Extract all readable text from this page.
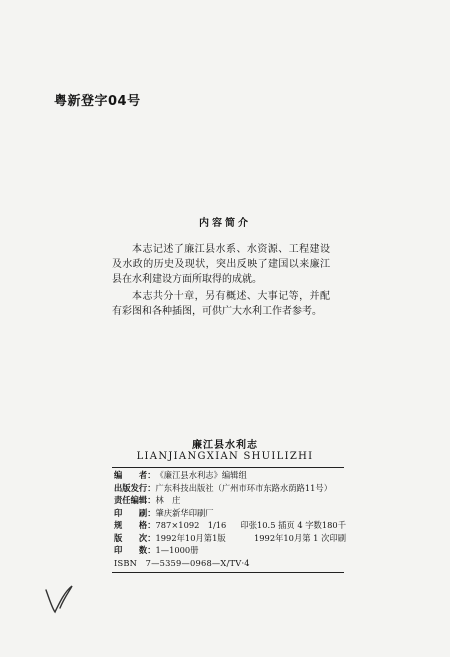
粤新登字04号
内容简介

本志记述了廉江县水系、水资源、工程建设及水政的历史及现状，突出反映了建国以来廉江县在水利建设方面所取得的成就。

本志共分十章，另有概述、大事记等，并配有彩图和各种插图，可供广大水利工作者参考。

廉江县水利志
LIANJIANGXIAN SHUILIZHI
编　　者： 《廉江县水利志》编辑组
出版发行： 广东科技出版社（广州市环市东路水荫路11号）
责任编辑： 林　庄
印　　刷： 肇庆新华印刷厂
规　　格： 787×1092　1/16 印张10.5 插页 4 字数180千
版　　次： 1992年10月第1版	1992年10月第 1 次印刷
印　　数： 1—1000册
ISBN　7—5359—0968—X/TV·4
